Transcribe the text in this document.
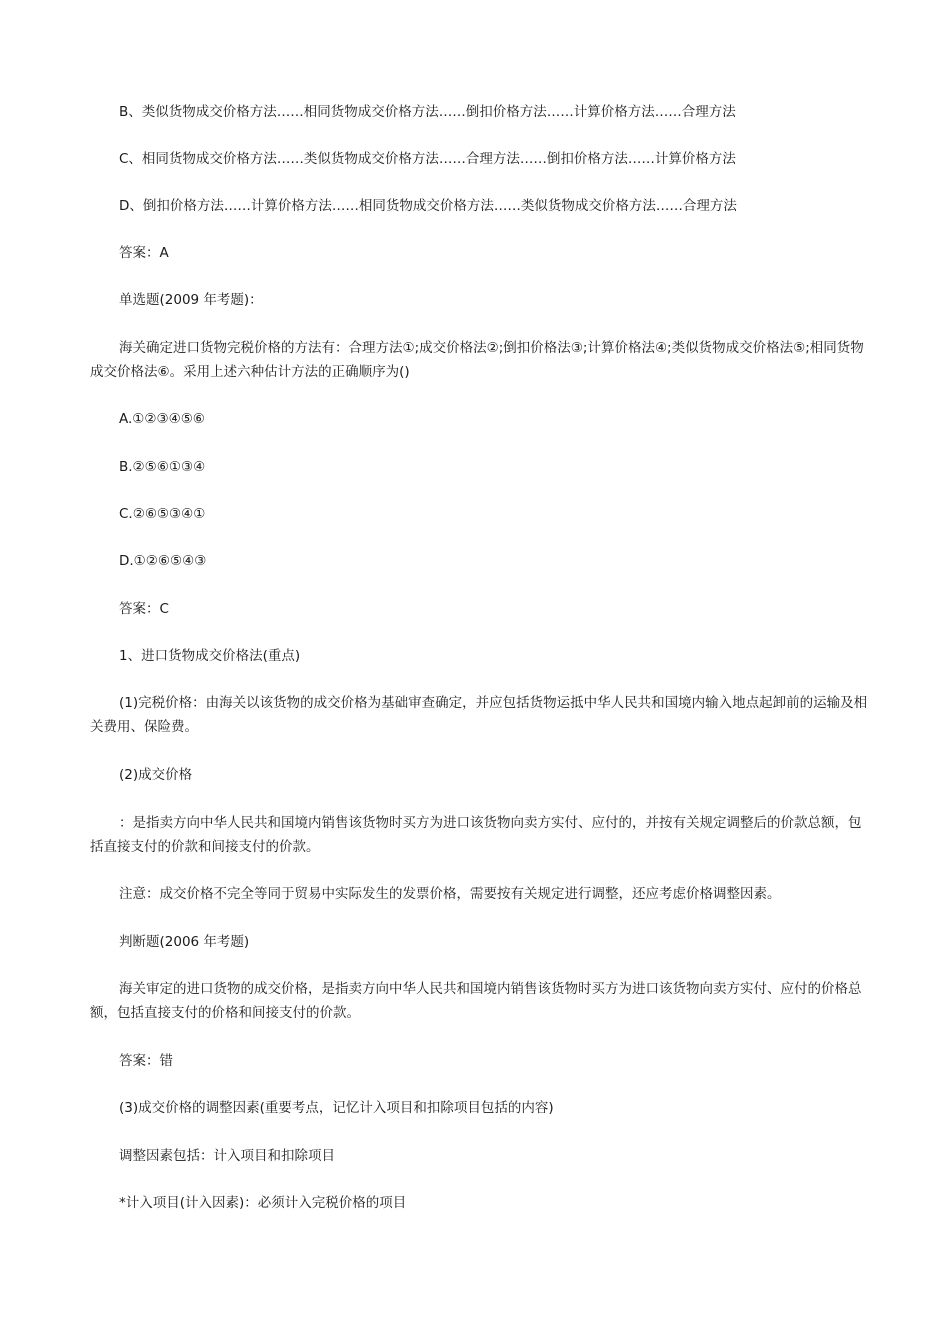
B、类似货物成交价格方法……相同货物成交价格方法……倒扣价格方法……计算价格方法……合理方法

C、相同货物成交价格方法……类似货物成交价格方法……合理方法……倒扣价格方法……计算价格方法

D、倒扣价格方法……计算价格方法……相同货物成交价格方法……类似货物成交价格方法……合理方法

答案：A

单选题(2009 年考题)：

海关确定进口货物完税价格的方法有：合理方法①;成交价格法②;倒扣价格法③;计算价格法④;类似货物成交价格法⑤;相同货物成交价格法⑥。采用上述六种估计方法的正确顺序为()

A.①②③④⑤⑥

B.②⑤⑥①③④

C.②⑥⑤③④①

D.①②⑥⑤④③

答案：C

1、进口货物成交价格法(重点)

(1)完税价格：由海关以该货物的成交价格为基础审查确定，并应包括货物运抵中华人民共和国境内输入地点起卸前的运输及相关费用、保险费。

(2)成交价格

：是指卖方向中华人民共和国境内销售该货物时买方为进口该货物向卖方实付、应付的，并按有关规定调整后的价款总额，包括直接支付的价款和间接支付的价款。

注意：成交价格不完全等同于贸易中实际发生的发票价格，需要按有关规定进行调整，还应考虑价格调整因素。

判断题(2006 年考题)

海关审定的进口货物的成交价格，是指卖方向中华人民共和国境内销售该货物时买方为进口该货物向卖方实付、应付的价格总额，包括直接支付的价格和间接支付的价款。

答案：错

(3)成交价格的调整因素(重要考点，记忆计入项目和扣除项目包括的内容)

调整因素包括：计入项目和扣除项目

*计入项目(计入因素)：必须计入完税价格的项目
